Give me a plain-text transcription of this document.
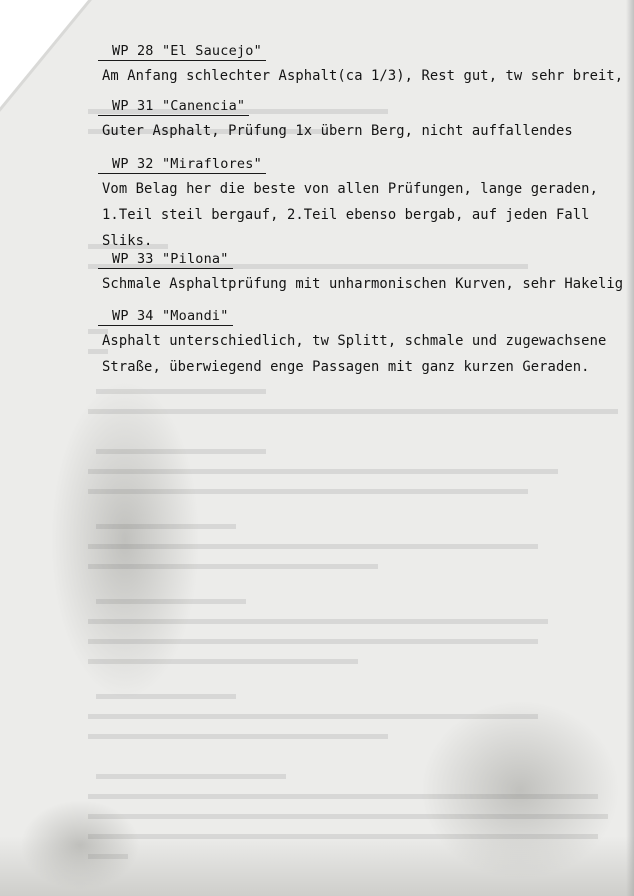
WP 28 "El Saucejo"
Am Anfang schlechter Asphalt(ca 1/3), Rest gut, tw sehr breit,
WP 31 "Canencia"
Guter Asphalt, Prüfung 1x übern Berg, nicht auffallendes
WP 32 "Miraflores"
Vom Belag her die beste von allen Prüfungen, lange geraden,
1.Teil steil bergauf, 2.Teil ebenso bergab, auf jeden Fall
Sliks.
WP 33 "Pilona"
Schmale Asphaltprüfung mit unharmonischen Kurven, sehr Hakelig
WP 34 "Moandi"
Asphalt unterschiedlich, tw Splitt, schmale und zugewachsene
Straße, überwiegend enge Passagen mit ganz kurzen Geraden.
